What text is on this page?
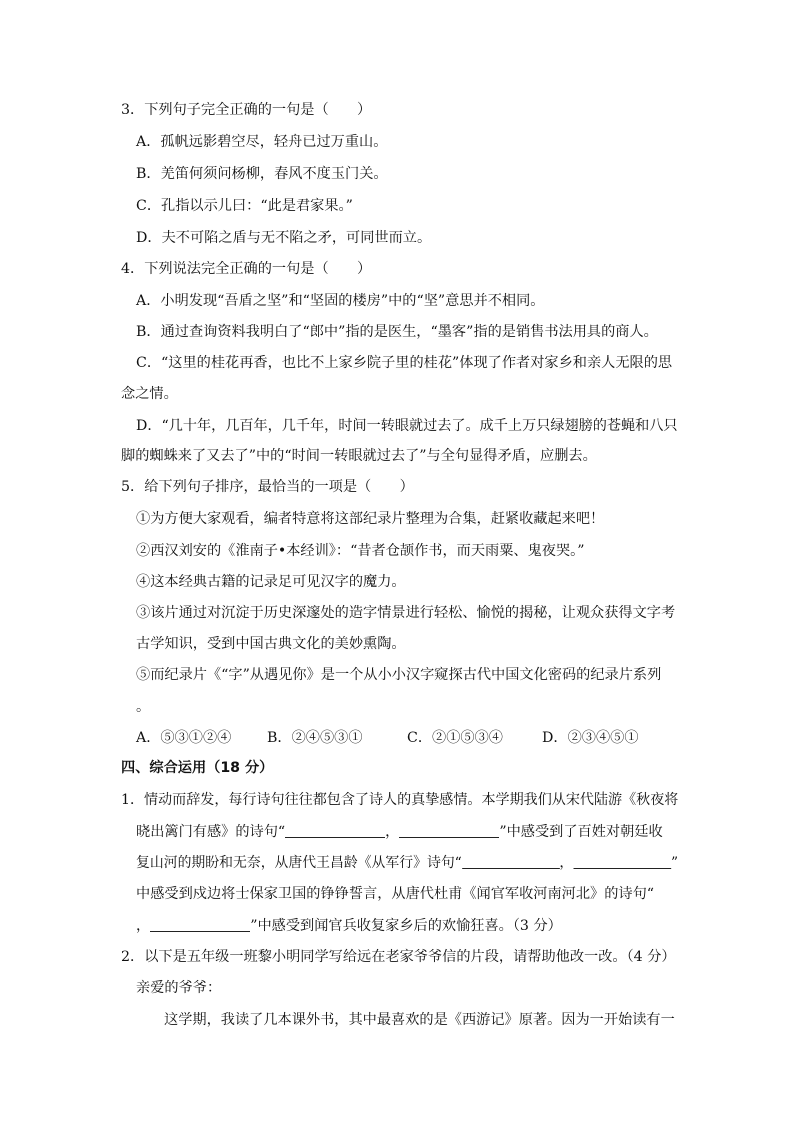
3．下列句子完全正确的一句是（　　）
A．孤帆远影碧空尽，轻舟已过万重山。
B．羌笛何须问杨柳，春风不度玉门关。
C．孔指以示儿曰：“此是君家果。”
D．夫不可陷之盾与无不陷之矛，可同世而立。
4．下列说法完全正确的一句是（　　）
A．小明发现“吾盾之坚”和“坚固的楼房”中的“坚”意思并不相同。
B．通过查询资料我明白了“郎中”指的是医生，“墨客”指的是销售书法用具的商人。
C．“这里的桂花再香，也比不上家乡院子里的桂花”体现了作者对家乡和亲人无限的思
念之情。
D．“几十年，几百年，几千年，时间一转眼就过去了。成千上万只绿翅膀的苍蝇和八只
脚的蜘蛛来了又去了”中的“时间一转眼就过去了”与全句显得矛盾，应删去。
5．给下列句子排序，最恰当的一项是（　　）
①为方便大家观看，编者特意将这部纪录片整理为合集，赶紧收藏起来吧！
②西汉刘安的《淮南子•本经训》：“昔者仓颉作书，而天雨粟、鬼夜哭。”
④这本经典古籍的记录足可见汉字的魔力。
③该片通过对沉淀于历史深邃处的造字情景进行轻松、愉悦的揭秘，让观众获得文字考
古学知识，受到中国古典文化的美妙熏陶。
⑤而纪录片《“字”从遇见你》是一个从小小汉字窥探古代中国文化密码的纪录片系列
。
A．⑤③①②④	B．②④⑤③①	C．②①⑤③④	D．②③④⑤①
四、综合运用（18 分）
1．情动而辞发，每行诗句往往都包含了诗人的真挚感情。本学期我们从宋代陆游《秋夜将
晓出篱门有感》的诗句“	，	”中感受到了百姓对朝廷收
复山河的期盼和无奈，从唐代王昌龄《从军行》诗句“	，	”
中感受到戍边将士保家卫国的铮铮誓言，从唐代杜甫《闻官军收河南河北》的诗句“
，	”中感受到闻官兵收复家乡后的欢愉狂喜。（3 分）
2．以下是五年级一班黎小明同学写给远在老家爷爷信的片段，请帮助他改一改。（4 分）
亲爱的爷爷：
这学期，我读了几本课外书，其中最喜欢的是《西游记》原著。因为一开始读有一
